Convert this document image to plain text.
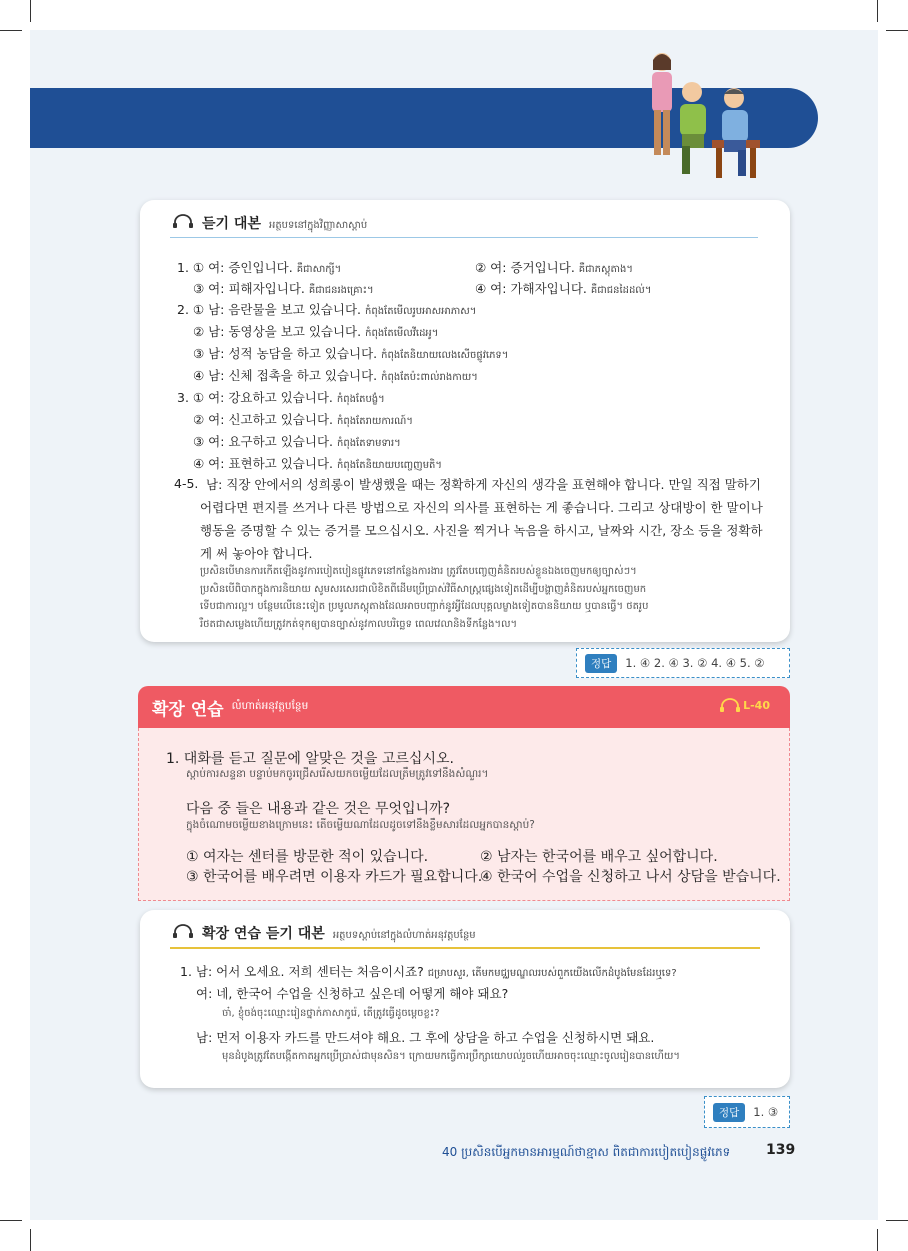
듣기 대본 អត្ថបទនៅក្នុងវិញ្ញាសាស្ដាប់
1. ① 여: 증인입니다. គឺជាសាក្សី។	② 여: 증거입니다. គឺជាភស្តុតាង។
③ 여: 피해자입니다. គឺជាជនរងគ្រោះ។	④ 여: 가해자입니다. គឺជាជនដៃដល់។
2. ① 남: 음란물을 보고 있습니다. កំពុងតែមើលរូបអាសអាភាស។
② 남: 동영상을 보고 있습니다. កំពុងតែមើលវីដេអូ។
③ 남: 성적 농담을 하고 있습니다. កំពុងតែនិយាយលេងសើចផ្លូវភេទ។
④ 남: 신체 접촉을 하고 있습니다. កំពុងតែប៉ះពាល់រាងកាយ។
3. ① 여: 강요하고 있습니다. កំពុងតែបង្ខំ។
② 여: 신고하고 있습니다. កំពុងតែរាយការណ៍។
③ 여: 요구하고 있습니다. កំពុងតែទាមទារ។
④ 여: 표현하고 있습니다. កំពុងតែនិយាយបញ្ចេញមតិ។
4-5. 남: 직장 안에서의 성희롱이 발생했을 때는 정확하게 자신의 생각을 표현해야 합니다. 만일 직접 말하기
어렵다면 편지를 쓰거나 다른 방법으로 자신의 의사를 표현하는 게 좋습니다. 그리고 상대방이 한 말이나
행동을 증명할 수 있는 증거를 모으십시오. 사진을 찍거나 녹음을 하시고, 날짜와 시간, 장소 등을 정확하
게 써 놓아야 합니다.
ប្រសិនបើមានការកើតឡើងនូវការបៀតបៀនផ្លូវភេទនៅកន្លែងការងារ ត្រូវតែបញ្ចេញគំនិតរបស់ខ្លួនឯងចេញមកឲ្យច្បាស់ៗ។
ប្រសិនបើពិបាកក្នុងការនិយាយ សូមសរសេរជាលិខិតពីដើមប្រើប្រាស់វិធីសាស្ត្រផ្សេងទៀតដើម្បីបង្ហាញគំនិតរបស់អ្នកចេញមក
ទើបជាការល្អ។ បន្ថែមលើនេះទៀត ប្រមូលភស្តុតាងដែលអាចបញ្ជាក់នូវអ្វីដែលបុគ្គលម្ខាងទៀតបាននិយាយ ឬបានធ្វើ។ ថតរូប
រឺថតជាសម្លេងហើយត្រូវកត់ទុកឲ្យបានច្បាស់នូវកាលបរិច្ឆេទ ពេលវេលានិងទីកន្លែង។ល។
정답	1. ④ 2. ④ 3. ② 4. ④ 5. ②
확장 연습 លំហាត់អនុវត្តបន្ថែម	L-40
1. 대화를 듣고 질문에 알맞은 것을 고르십시오.
ស្ដាប់ការសន្ទនា បន្ទាប់មកចូរជ្រើសរើសយកចម្លើយដែលត្រឹមត្រូវទៅនឹងសំណួរ។
다음 중 들은 내용과 같은 것은 무엇입니까?
ក្នុងចំណោមចម្លើយខាងក្រោមនេះ តើចម្លើយណាដែលដូចទៅនឹងខ្លឹមសារដែលអ្នកបានស្ដាប់?
① 여자는 센터를 방문한 적이 있습니다.	② 남자는 한국어를 배우고 싶어합니다.
③ 한국어를 배우려면 이용자 카드가 필요합니다.
④ 한국어 수업을 신청하고 나서 상담을 받습니다.
확장 연습 듣기 대본 អត្ថបទស្ដាប់នៅក្នុងលំហាត់អនុវត្តបន្ថែម
1. 남: 어서 오세요. 저희 센터는 처음이시죠? ជម្រាបសួរ, តើមកមជ្ឈមណ្ឌលរបស់ពួកយើងលើកដំបូងមែនដែរឬទេ?
여: 네, 한국어 수업을 신청하고 싶은데 어떻게 해야 돼요?
ចា៎, ខ្ញុំចង់ចុះឈ្មោះរៀនថ្នាក់ភាសាកូរ៉េ, តើត្រូវធ្វើដូចម្ដេចខ្លះ?
남: 먼저 이용자 카드를 만드셔야 해요. 그 후에 상담을 하고 수업을 신청하시면 돼요.
មុនដំបូងត្រូវតែបង្កើតកាតអ្នកប្រើប្រាស់ជាមុនសិន។ ក្រោយមកធ្វើការប្រឹក្សាយោបល់រួចហើយអាចចុះឈ្មោះចូលរៀនបានហើយ។
정답	1. ③
40 ប្រសិនបើអ្នកមានអារម្មណ៍ថាខ្មាស ពិតជាការបៀតបៀនផ្លូវភេទ	139
